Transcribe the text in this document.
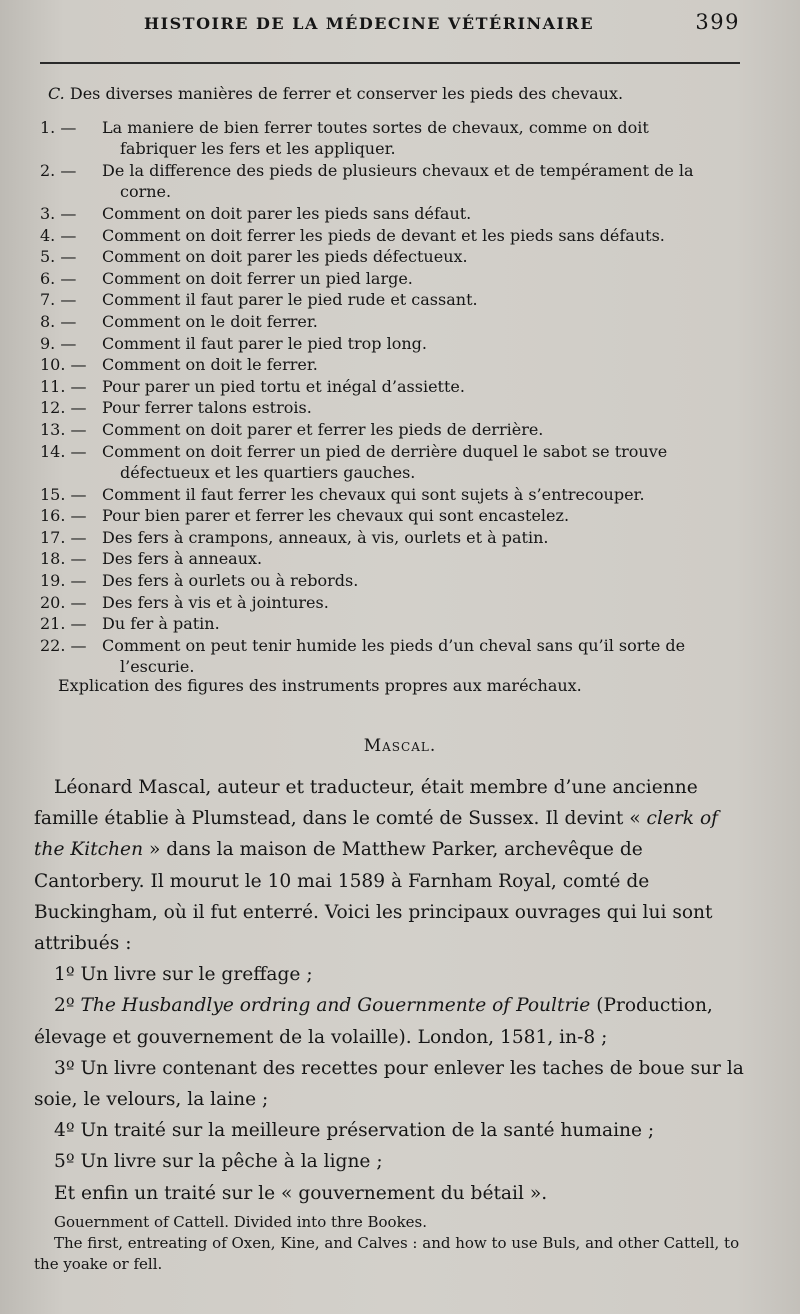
HISTOIRE DE LA MÉDECINE VÉTÉRINAIRE	399
C. Des diverses manières de ferrer et conserver les pieds des chevaux.
1. —	La maniere de bien ferrer toutes sortes de chevaux, comme on doit
fabriquer les fers et les appliquer.
2. —	De la difference des pieds de plusieurs chevaux et de tempérament de la
corne.
3. —	Comment on doit parer les pieds sans défaut.
4. —	Comment on doit ferrer les pieds de devant et les pieds sans défauts.
5. —	Comment on doit parer les pieds défectueux.
6. —	Comment on doit ferrer un pied large.
7. —	Comment il faut parer le pied rude et cassant.
8. —	Comment on le doit ferrer.
9. —	Comment il faut parer le pied trop long.
10. — Comment on doit le ferrer.
11. — Pour parer un pied tortu et inégal d’assiette.
12. — Pour ferrer talons estrois.
13. — Comment on doit parer et ferrer les pieds de derrière.
14. — Comment on doit ferrer un pied de derrière duquel le sabot se trouve
défectueux et les quartiers gauches.
15. — Comment il faut ferrer les chevaux qui sont sujets à s’entrecouper.
16. — Pour bien parer et ferrer les chevaux qui sont encastelez.
17. — Des fers à crampons, anneaux, à vis, ourlets et à patin.
18. — Des fers à anneaux.
19. — Des fers à ourlets ou à rebords.
20. — Des fers à vis et à jointures.
21. — Du fer à patin.
22. — Comment on peut tenir humide les pieds d’un cheval sans qu’il sorte de
l’escurie.
Explication des figures des instruments propres aux maréchaux.
Mascal.

Léonard Mascal, auteur et traducteur, était membre d’une ancienne famille établie à Plumstead, dans le comté de Sussex. Il devint « clerk of the Kitchen » dans la maison de Matthew Parker, archevêque de Cantorbery. Il mourut le 10 mai 1589 à Farnham Royal, comté de Buckingham, où il fut enterré. Voici les principaux ouvrages qui lui sont attribués :

1º Un livre sur le greffage ;

2º The Husbandlye ordring and Gouernmente of Poultrie (Production, élevage et gouvernement de la volaille). London, 1581, in-8 ;

3º Un livre contenant des recettes pour enlever les taches de boue sur la soie, le velours, la laine ;

4º Un traité sur la meilleure préservation de la santé humaine ;

5º Un livre sur la pêche à la ligne ;

Et enfin un traité sur le « gouvernement du bétail ».

Gouernment of Cattell. Divided into thre Bookes.

The first, entreating of Oxen, Kine, and Calves : and how to use Buls, and other Cattell, to the yoake or fell.
